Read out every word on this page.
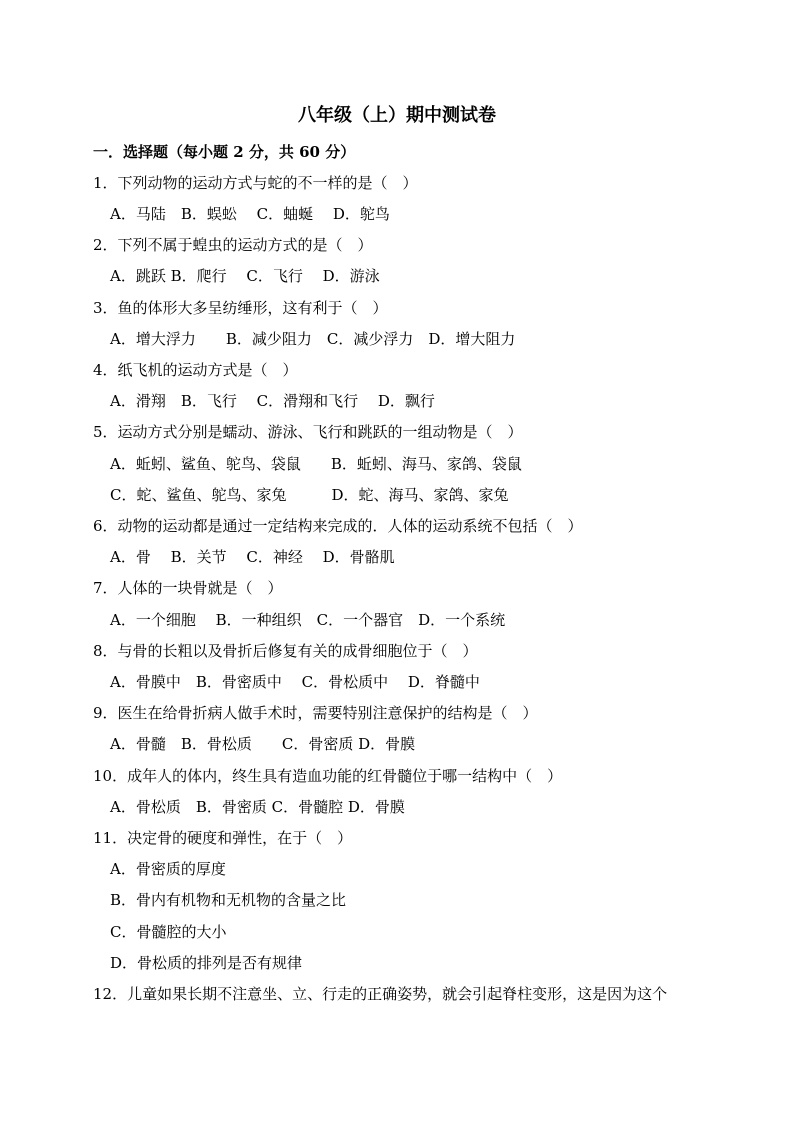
八年级（上）期中测试卷
一．选择题（每小题 2 分，共 60 分）
1．下列动物的运动方式与蛇的不一样的是（　）
A．马陆　B．蜈蚣　 C．蚰蜒　 D．鸵鸟
2．下列不属于蝗虫的运动方式的是（　）
A．跳跃 B．爬行　 C．飞行　 D．游泳
3．鱼的体形大多呈纺缍形，这有利于（　）
A．增大浮力　　B．减少阻力　C．减少浮力　D．增大阻力
4．纸飞机的运动方式是（　）
A．滑翔　B．飞行　 C．滑翔和飞行　 D．飘行
5．运动方式分别是蠕动、游泳、飞行和跳跃的一组动物是（　）
A．蚯蚓、鲨鱼、鸵鸟、袋鼠　　B．蚯蚓、海马、家鸽、袋鼠
C．蛇、鲨鱼、鸵鸟、家兔　　　D．蛇、海马、家鸽、家兔
6．动物的运动都是通过一定结构来完成的．人体的运动系统不包括（　）
A．骨　 B．关节　 C．神经　 D．骨骼肌
7．人体的一块骨就是（　）
A．一个细胞　 B．一种组织　C．一个器官　D．一个系统
8．与骨的长粗以及骨折后修复有关的成骨细胞位于（　）
A．骨膜中　B．骨密质中　 C．骨松质中　 D．脊髓中
9．医生在给骨折病人做手术时，需要特别注意保护的结构是（　）
A．骨髓　B．骨松质　　C．骨密质 D．骨膜
10．成年人的体内，终生具有造血功能的红骨髓位于哪一结构中（　）
A．骨松质　B．骨密质 C．骨髓腔 D．骨膜
11．决定骨的硬度和弹性，在于（　）
A．骨密质的厚度
B．骨内有机物和无机物的含量之比
C．骨髓腔的大小
D．骨松质的排列是否有规律
12．儿童如果长期不注意坐、立、行走的正确姿势，就会引起脊柱变形，这是因为这个
